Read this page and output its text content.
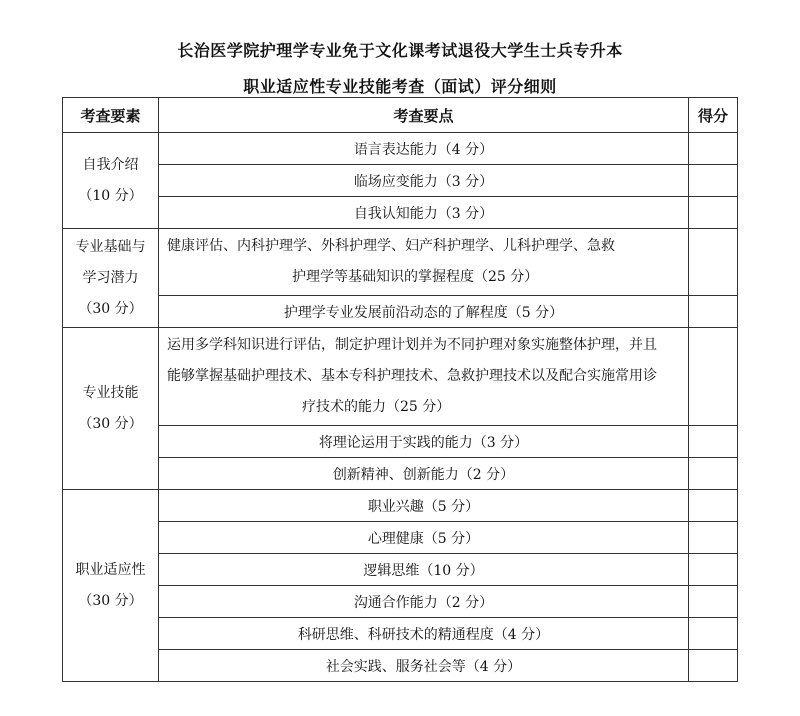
长治医学院护理学专业免于文化课考试退役大学生士兵专升本
职业适应性专业技能考查（面试）评分细则
考查要素	考查要点	得分

自我介绍
（10 分）	语言表达能力（4 分）	
	临场应变能力（3 分）	
	自我认知能力（3 分）	

专业基础与
学习潜力
（30 分）	健康评估、内科护理学、外科护理学、妇产科护理学、儿科护理学、急救
护理学等基础知识的掌握程度（25 分）	

	护理学专业发展前沿动态的了解程度（5 分）	

专业技能
（30 分）	运用多学科知识进行评估，制定护理计划并为不同护理对象实施整体护理，并且
能够掌握基础护理技术、基本专科护理技术、急救护理技术以及配合实施常用诊
疗技术的能力（25 分）	

	将理论运用于实践的能力（3 分）	
	创新精神、创新能力（2 分）	

职业适应性
（30 分）	职业兴趣（5 分）	
	心理健康（5 分）	
	逻辑思维（10 分）	
	沟通合作能力（2 分）	
	科研思维、科研技术的精通程度（4 分）	
	社会实践、服务社会等（4 分）	
